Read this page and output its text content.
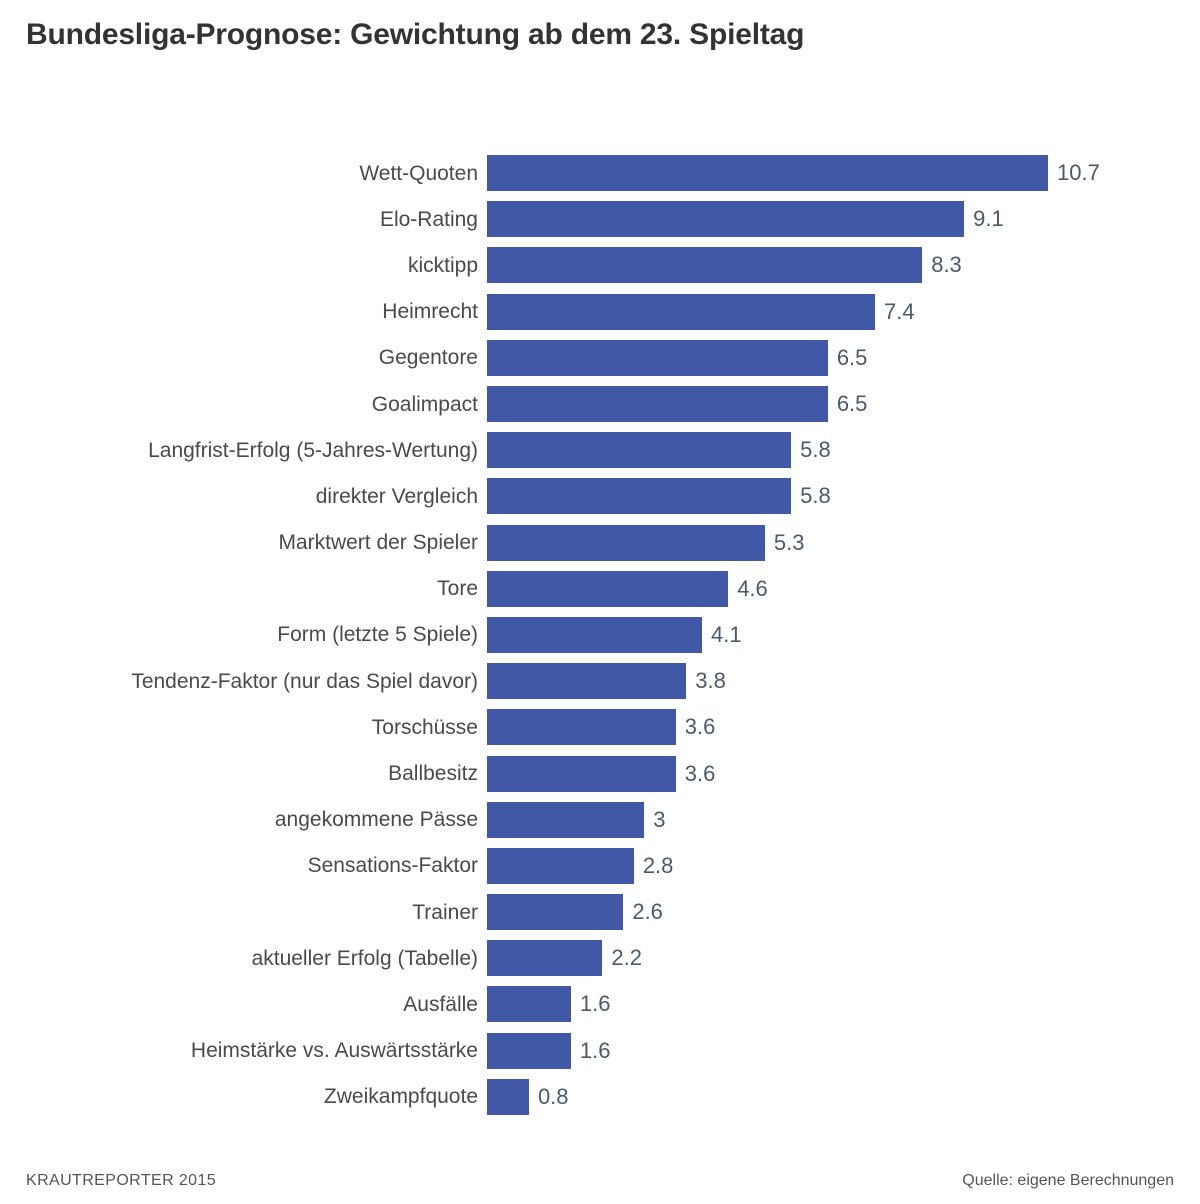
Bundesliga-Prognose: Gewichtung ab dem 23. Spieltag
Wett-Quoten	10.7
Elo-Rating	9.1
kicktipp	8.3
Heimrecht	7.4
Gegentore	6.5
Goalimpact	6.5
Langfrist-Erfolg (5-Jahres-Wertung)	5.8
direkter Vergleich	5.8
Marktwert der Spieler	5.3
Tore	4.6
Form (letzte 5 Spiele)	4.1
Tendenz-Faktor (nur das Spiel davor)	3.8
Torschüsse	3.6
Ballbesitz	3.6
angekommene Pässe	3
Sensations-Faktor	2.8
Trainer	2.6
aktueller Erfolg (Tabelle)	2.2
Ausfälle	1.6
Heimstärke vs. Auswärtsstärke	1.6
Zweikampfquote	0.8
KRAUTREPORTER 2015	Quelle: eigene Berechnungen
